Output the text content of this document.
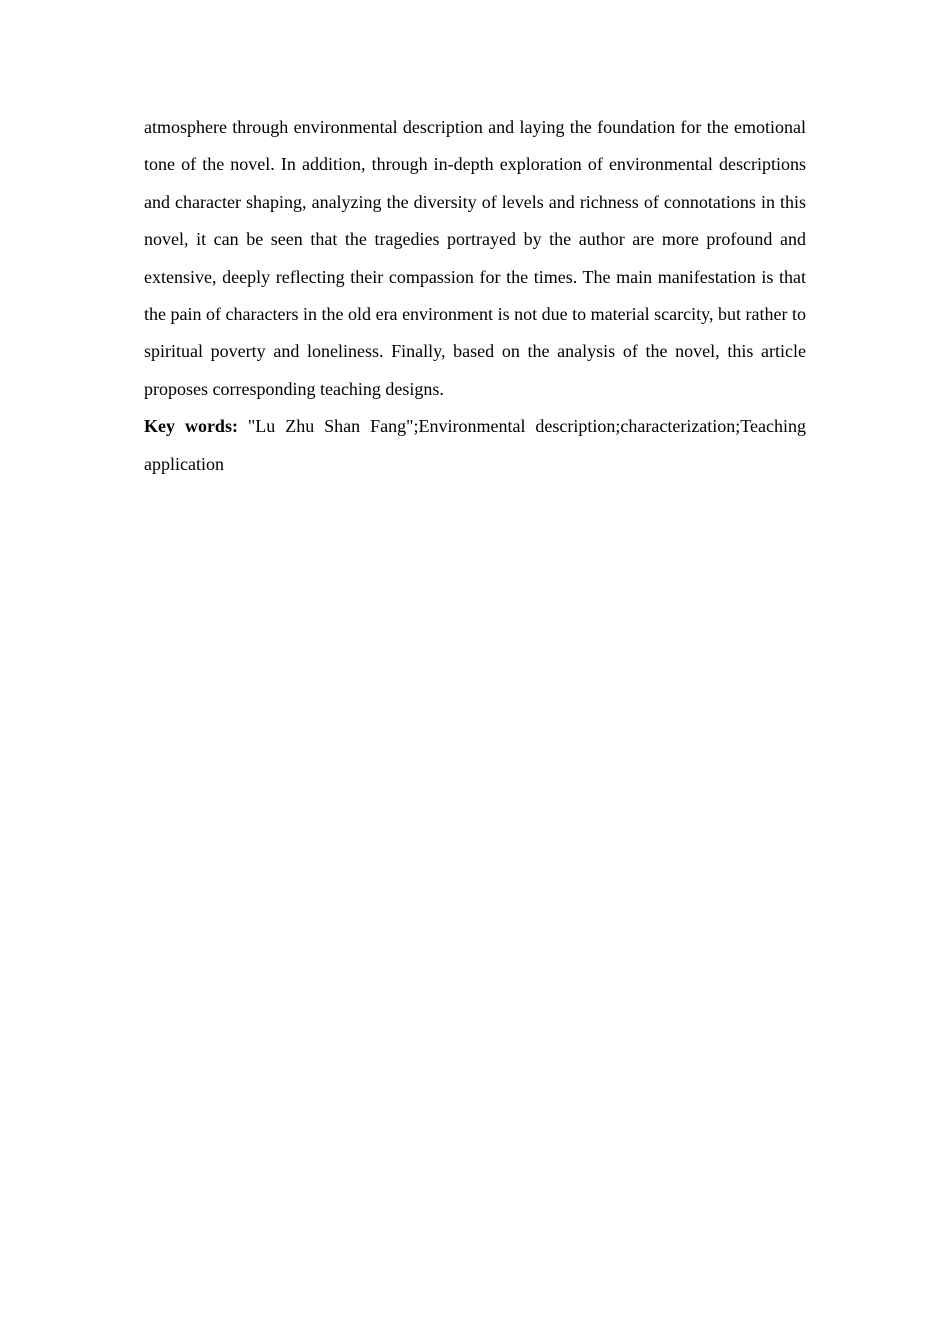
atmosphere through environmental description and laying the foundation for the emotional tone of the novel. In addition, through in-depth exploration of environmental descriptions and character shaping, analyzing the diversity of levels and richness of connotations in this novel, it can be seen that the tragedies portrayed by the author are more profound and extensive, deeply reflecting their compassion for the times. The main manifestation is that the pain of characters in the old era environment is not due to material scarcity, but rather to spiritual poverty and loneliness. Finally, based on the analysis of the novel, this article proposes corresponding teaching designs.

Key words: "Lu Zhu Shan Fang";Environmental description;characterization;Teaching application
